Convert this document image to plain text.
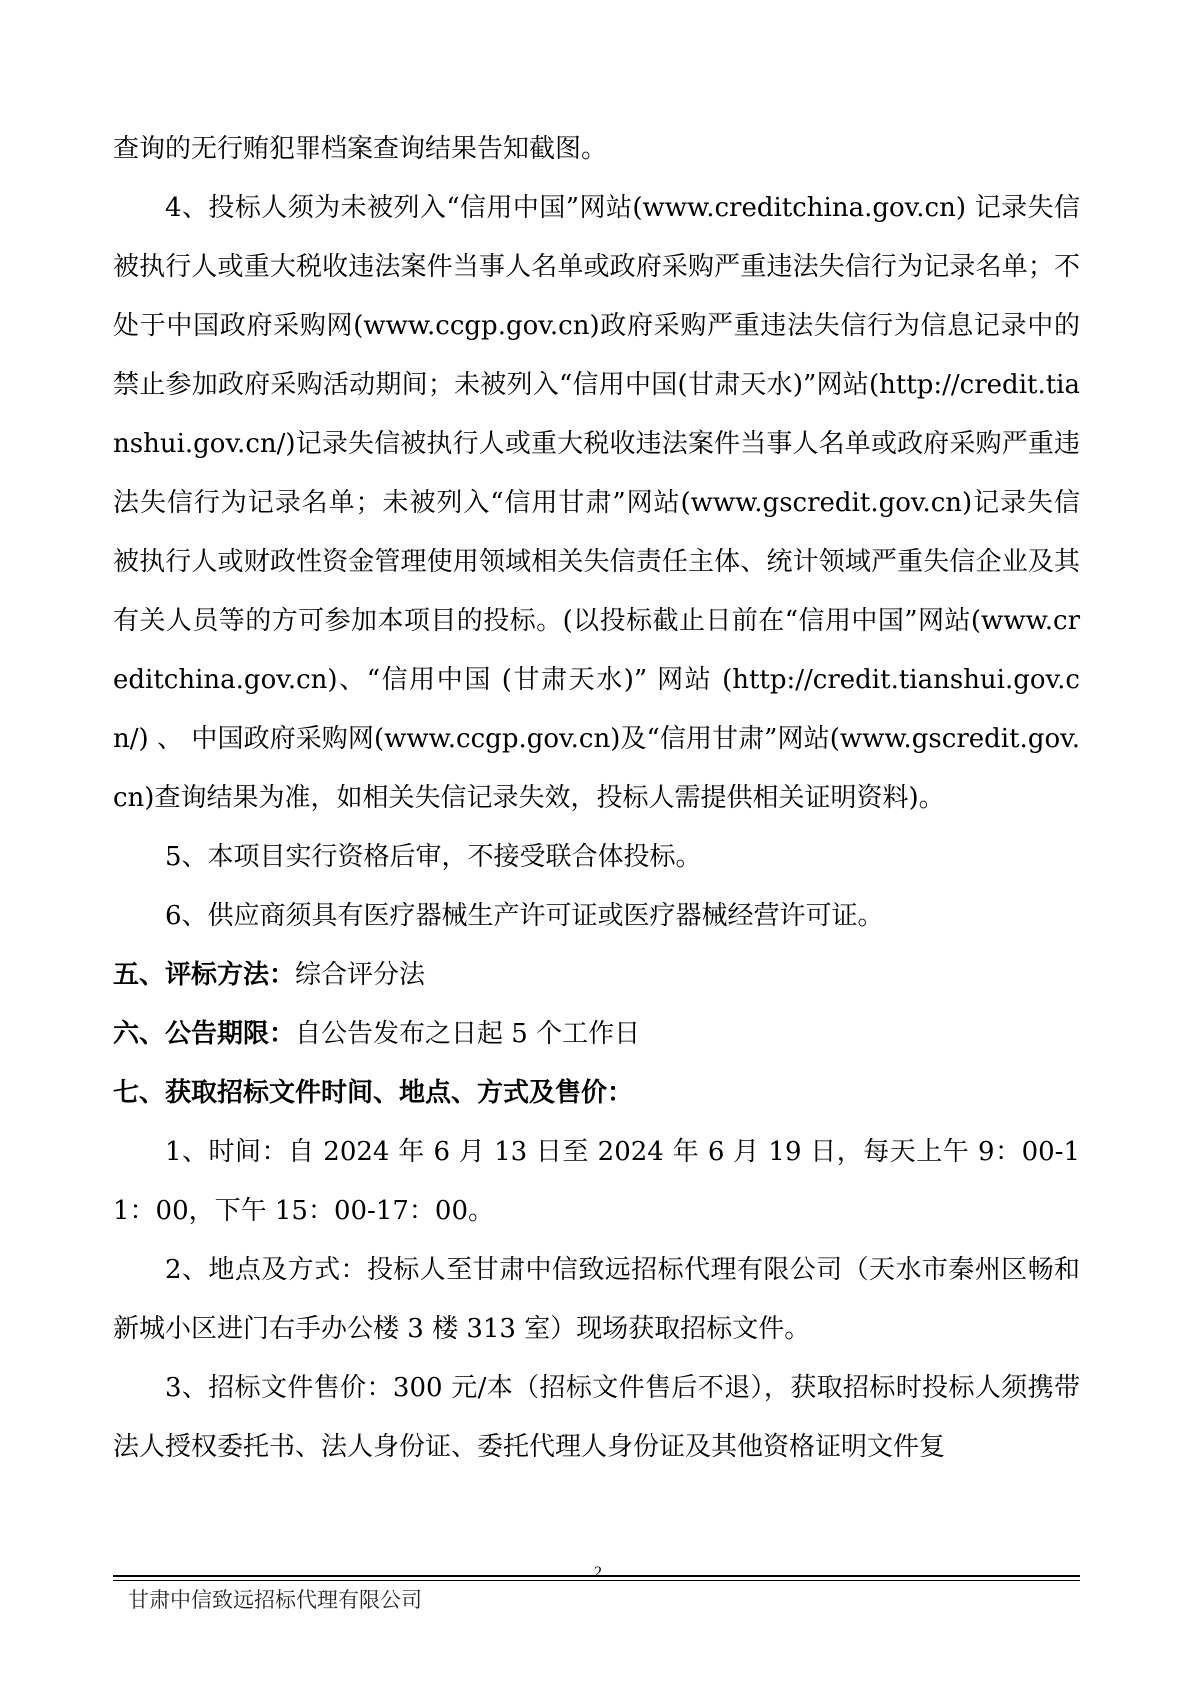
查询的无行贿犯罪档案查询结果告知截图。

4、投标人须为未被列入“信用中国”网站(www.creditchina.gov.cn) 记录失信被执行人或重大税收违法案件当事人名单或政府采购严重违法失信行为记录名单；不处于中国政府采购网(www.ccgp.gov.cn)政府采购严重违法失信行为信息记录中的禁止参加政府采购活动期间；未被列入“信用中国(甘肃天水)”网站(http://credit.tianshui.gov.cn/)记录失信被执行人或重大税收违法案件当事人名单或政府采购严重违法失信行为记录名单；未被列入“信用甘肃”网站(www.gscredit.gov.cn)记录失信被执行人或财政性资金管理使用领域相关失信责任主体、统计领域严重失信企业及其有关人员等的方可参加本项目的投标。(以投标截止日前在“信用中国”网站(www.creditchina.gov.cn)、“信用中国 (甘肃天水)” 网站 (http://credit.tianshui.gov.cn/) 、 中国政府采购网(www.ccgp.gov.cn)及“信用甘肃”网站(www.gscredit.gov.cn)查询结果为准，如相关失信记录失效，投标人需提供相关证明资料)。

5、本项目实行资格后审，不接受联合体投标。

6、供应商须具有医疗器械生产许可证或医疗器械经营许可证。

五、评标方法：综合评分法

六、公告期限：自公告发布之日起 5 个工作日

七、获取招标文件时间、地点、方式及售价：

1、时间：自 2024 年 6 月 13 日至 2024 年 6 月 19 日，每天上午 9：00-11：00，下午 15：00-17：00。

2、地点及方式：投标人至甘肃中信致远招标代理有限公司（天水市秦州区畅和新城小区进门右手办公楼 3 楼 313 室）现场获取招标文件。

3、招标文件售价：300 元/本（招标文件售后不退），获取招标时投标人须携带法人授权委托书、法人身份证、委托代理人身份证及其他资格证明文件复

2
甘肃中信致远招标代理有限公司
